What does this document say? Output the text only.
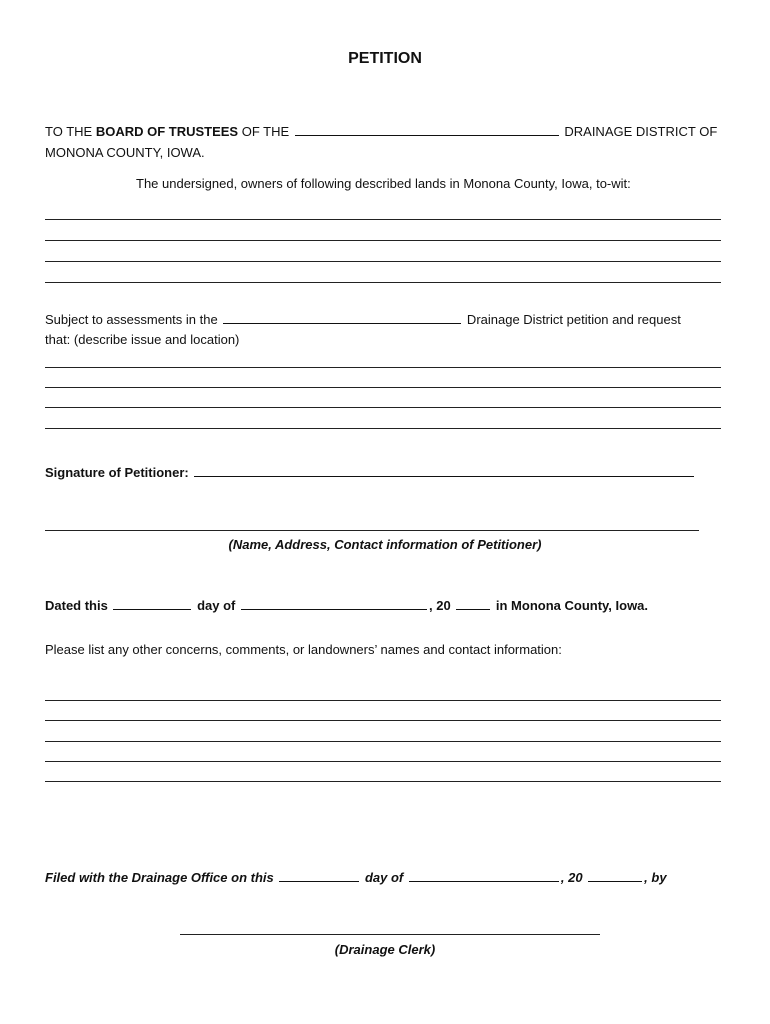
PETITION
TO THE BOARD OF TRUSTEES OF THE	DRAINAGE DISTRICT OF
MONONA COUNTY, IOWA.
The undersigned, owners of following described lands in Monona County, Iowa, to-wit:
Subject to assessments in the	Drainage District petition and request
that: (describe issue and location)
Signature of Petitioner:
(Name, Address, Contact information of Petitioner)
Dated this	day of	, 20	in Monona County, Iowa.
Please list any other concerns, comments, or landowners’ names and contact information:
Filed with the Drainage Office on this	day of	, 20	, by
(Drainage Clerk)
